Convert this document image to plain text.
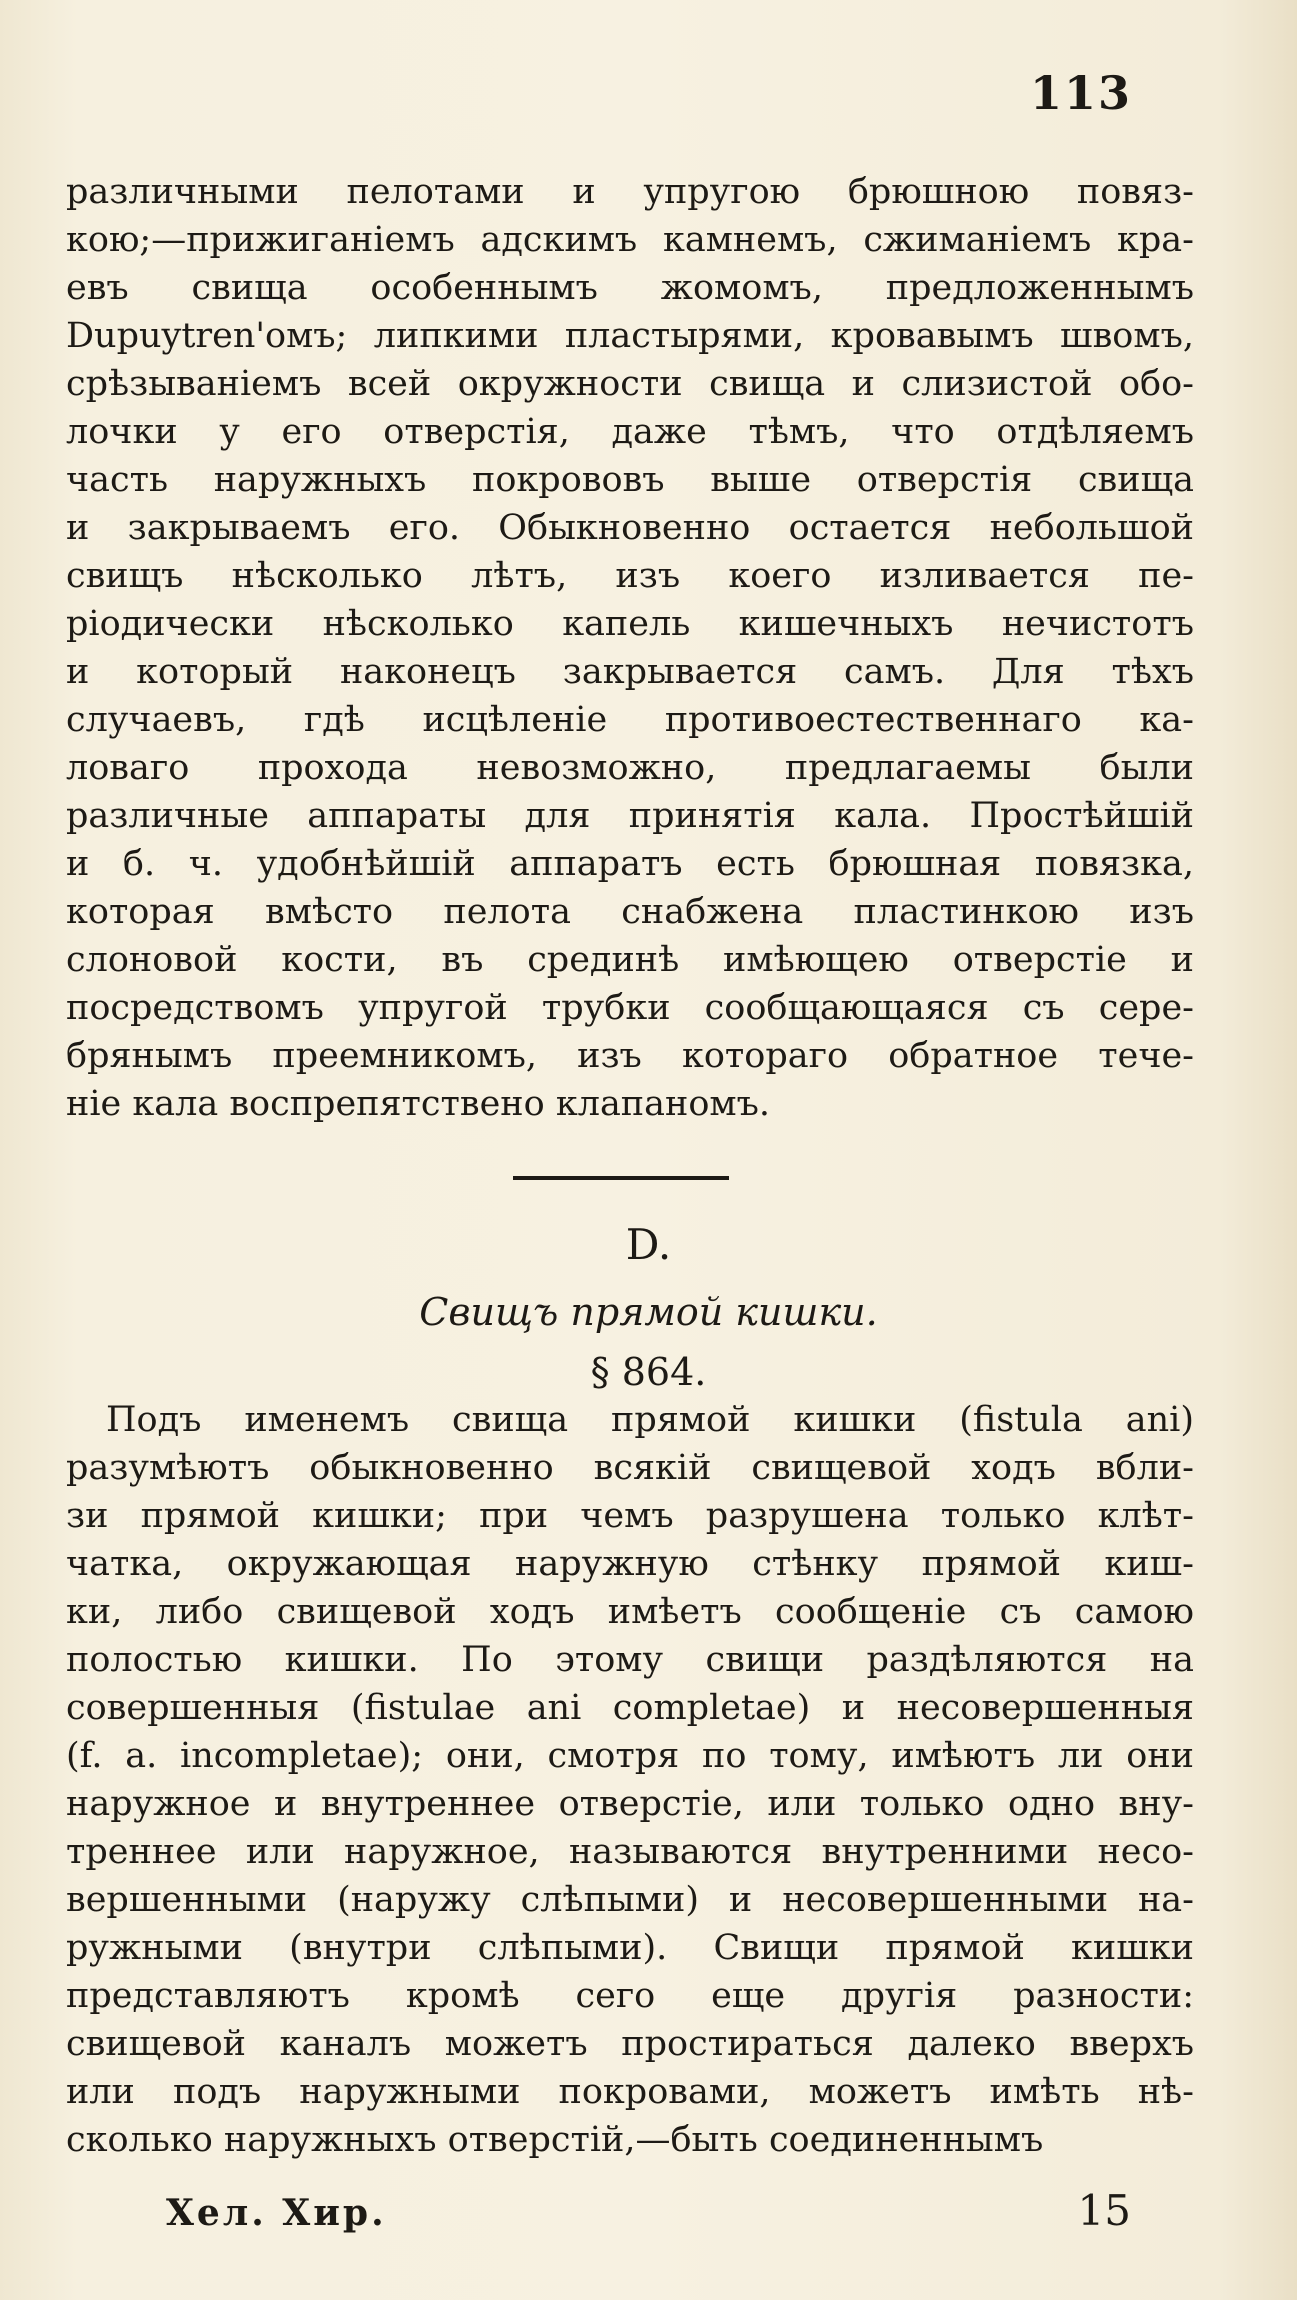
113
различными пелотами и упругою брюшною повяз-
кою;—прижиганіемъ адскимъ камнемъ, сжиманіемъ кра-
евъ свища особеннымъ жомомъ, предложеннымъ
Dupuytren'омъ; липкими пластырями, кровавымъ швомъ,
срѣзываніемъ всей окружности свища и слизистой обо-
лочки у его отверстія, даже тѣмъ, что отдѣляемъ
часть наружныхъ покрововъ выше отверстія свища
и закрываемъ его. Обыкновенно остается небольшой
свищъ нѣсколько лѣтъ, изъ коего изливается пе-
ріодически нѣсколько капель кишечныхъ нечистотъ
и который наконецъ закрывается самъ. Для тѣхъ
случаевъ, гдѣ исцѣленіе противоестественнаго ка-
ловаго прохода невозможно, предлагаемы были
различные аппараты для принятія кала. Простѣйшій
и б. ч. удобнѣйшій аппаратъ есть брюшная повязка,
которая вмѣсто пелота снабжена пластинкою изъ
слоновой кости, въ срединѣ имѣющею отверстіе и
посредствомъ упругой трубки сообщающаяся съ сере-
брянымъ преемникомъ, изъ котораго обратное тече-
ніе кала воспрепятствено клапаномъ.
D.
Свищъ прямой кишки.
§ 864.
Подъ именемъ свища прямой кишки (fistula ani)
разумѣютъ обыкновенно всякій свищевой ходъ вбли-
зи прямой кишки; при чемъ разрушена только клѣт-
чатка, окружающая наружную стѣнку прямой киш-
ки, либо свищевой ходъ имѣетъ сообщеніе съ самою
полостью кишки. По этому свищи раздѣляются на
совершенныя (fistulae ani completae) и несовершенныя
(f. a. incompletae); они, смотря по тому, имѣютъ ли они
наружное и внутреннее отверстіе, или только одно вну-
треннее или наружное, называются внутренними несо-
вершенными (наружу слѣпыми) и несовершенными на-
ружными (внутри слѣпыми). Свищи прямой кишки
представляютъ кромѣ сего еще другія разности:
свищевой каналъ можетъ простираться далеко вверхъ
или подъ наружными покровами, можетъ имѣть нѣ-
сколько наружныхъ отверстій,—быть соединеннымъ
Хел. Хир.	15
